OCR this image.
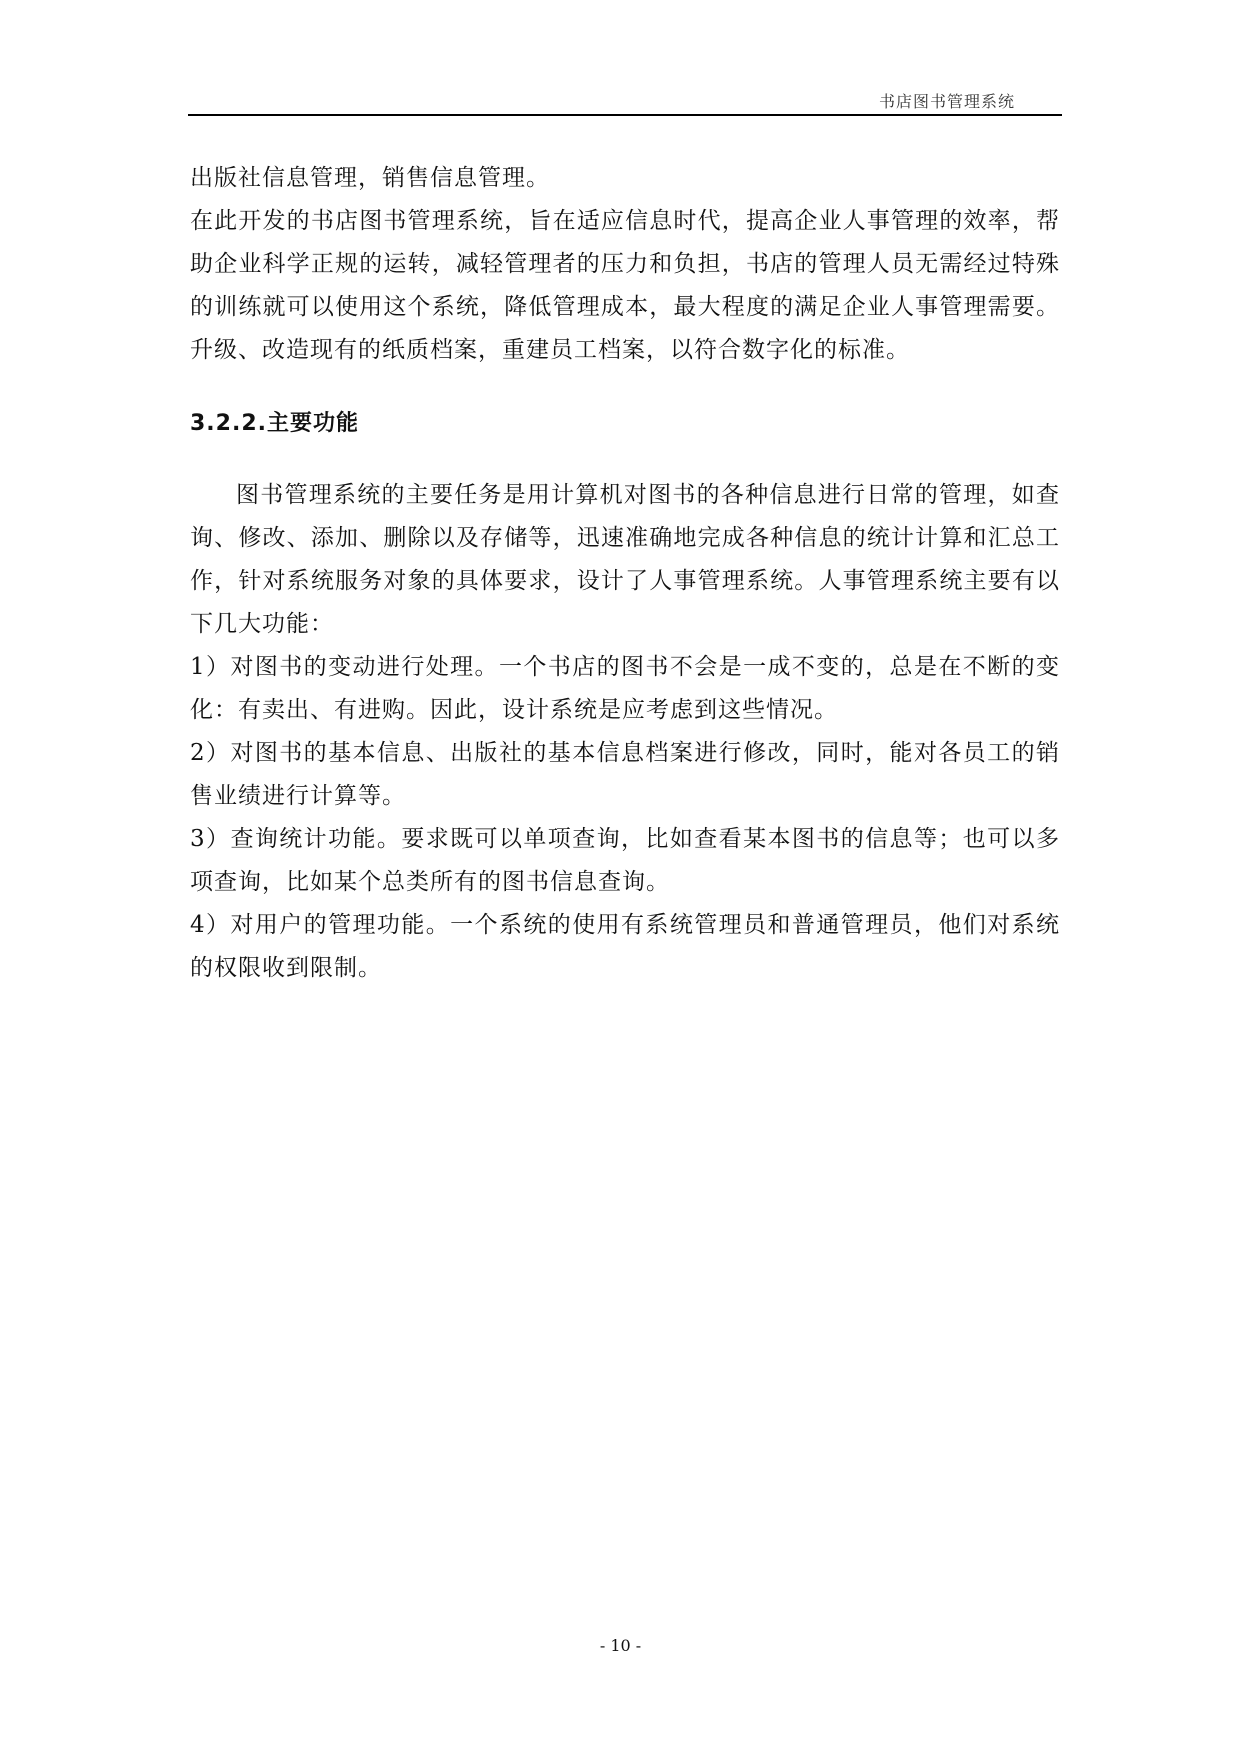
书店图书管理系统

出版社信息管理，销售信息管理。

在此开发的书店图书管理系统，旨在适应信息时代，提高企业人事管理的效率，帮助企业科学正规的运转，减轻管理者的压力和负担，书店的管理人员无需经过特殊的训练就可以使用这个系统，降低管理成本，最大程度的满足企业人事管理需要。升级、改造现有的纸质档案，重建员工档案，以符合数字化的标准。

3.2.2.主要功能

图书管理系统的主要任务是用计算机对图书的各种信息进行日常的管理，如查询、修改、添加、删除以及存储等，迅速准确地完成各种信息的统计计算和汇总工作，针对系统服务对象的具体要求，设计了人事管理系统。人事管理系统主要有以下几大功能：

1）对图书的变动进行处理。一个书店的图书不会是一成不变的，总是在不断的变化：有卖出、有进购。因此，设计系统是应考虑到这些情况。

2）对图书的基本信息、出版社的基本信息档案进行修改，同时，能对各员工的销售业绩进行计算等。

3）查询统计功能。要求既可以单项查询，比如查看某本图书的信息等；也可以多项查询，比如某个总类所有的图书信息查询。

4）对用户的管理功能。一个系统的使用有系统管理员和普通管理员，他们对系统的权限收到限制。

- 10 -
